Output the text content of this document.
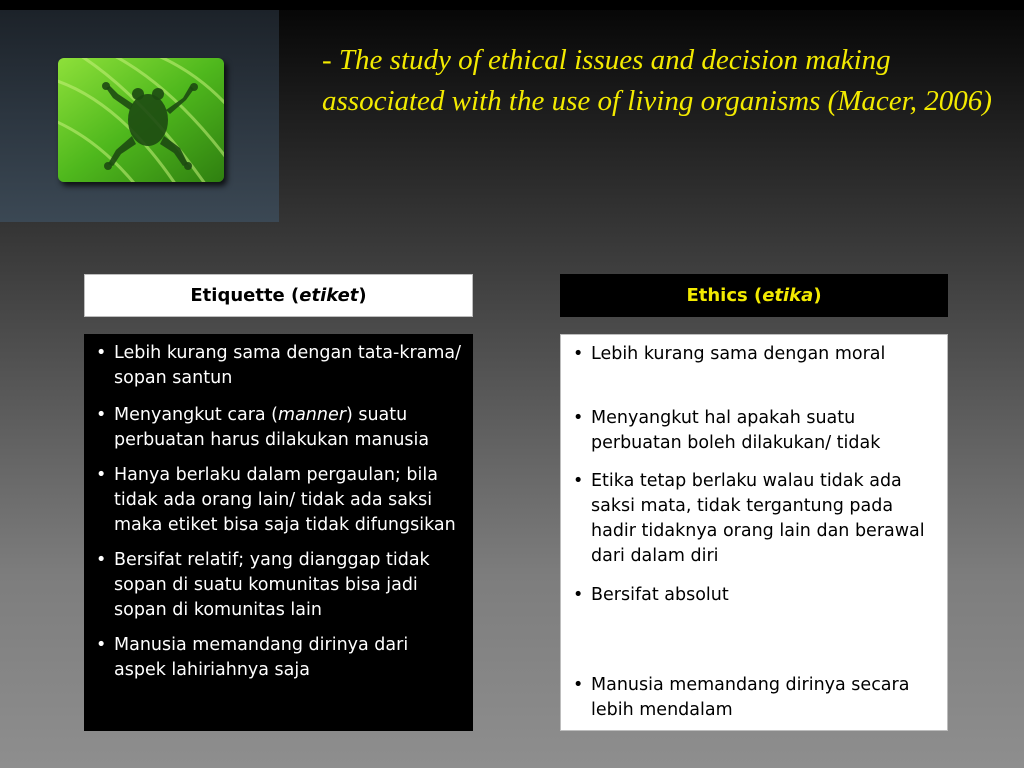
- The study of ethical issues and decision making associated with the use of living organisms (Macer, 2006)

Etiquette ( etiket )	Ethics ( etika )
• Lebih kurang sama dengan tata-krama/ sopan santun
• Menyangkut cara (manner) suatu perbuatan harus dilakukan manusia
• Hanya berlaku dalam pergaulan; bila tidak ada orang lain/ tidak ada saksi maka etiket bisa saja tidak difungsikan
• Bersifat relatif; yang dianggap tidak sopan di suatu komunitas bisa jadi sopan di komunitas lain
• Manusia memandang dirinya dari aspek lahiriahnya saja
• Lebih kurang sama dengan moral
• Menyangkut hal apakah suatu perbuatan boleh dilakukan/ tidak
• Etika tetap berlaku walau tidak ada saksi mata, tidak tergantung pada hadir tidaknya orang lain dan berawal dari dalam diri
• Bersifat absolut
• Manusia memandang dirinya secara lebih mendalam
